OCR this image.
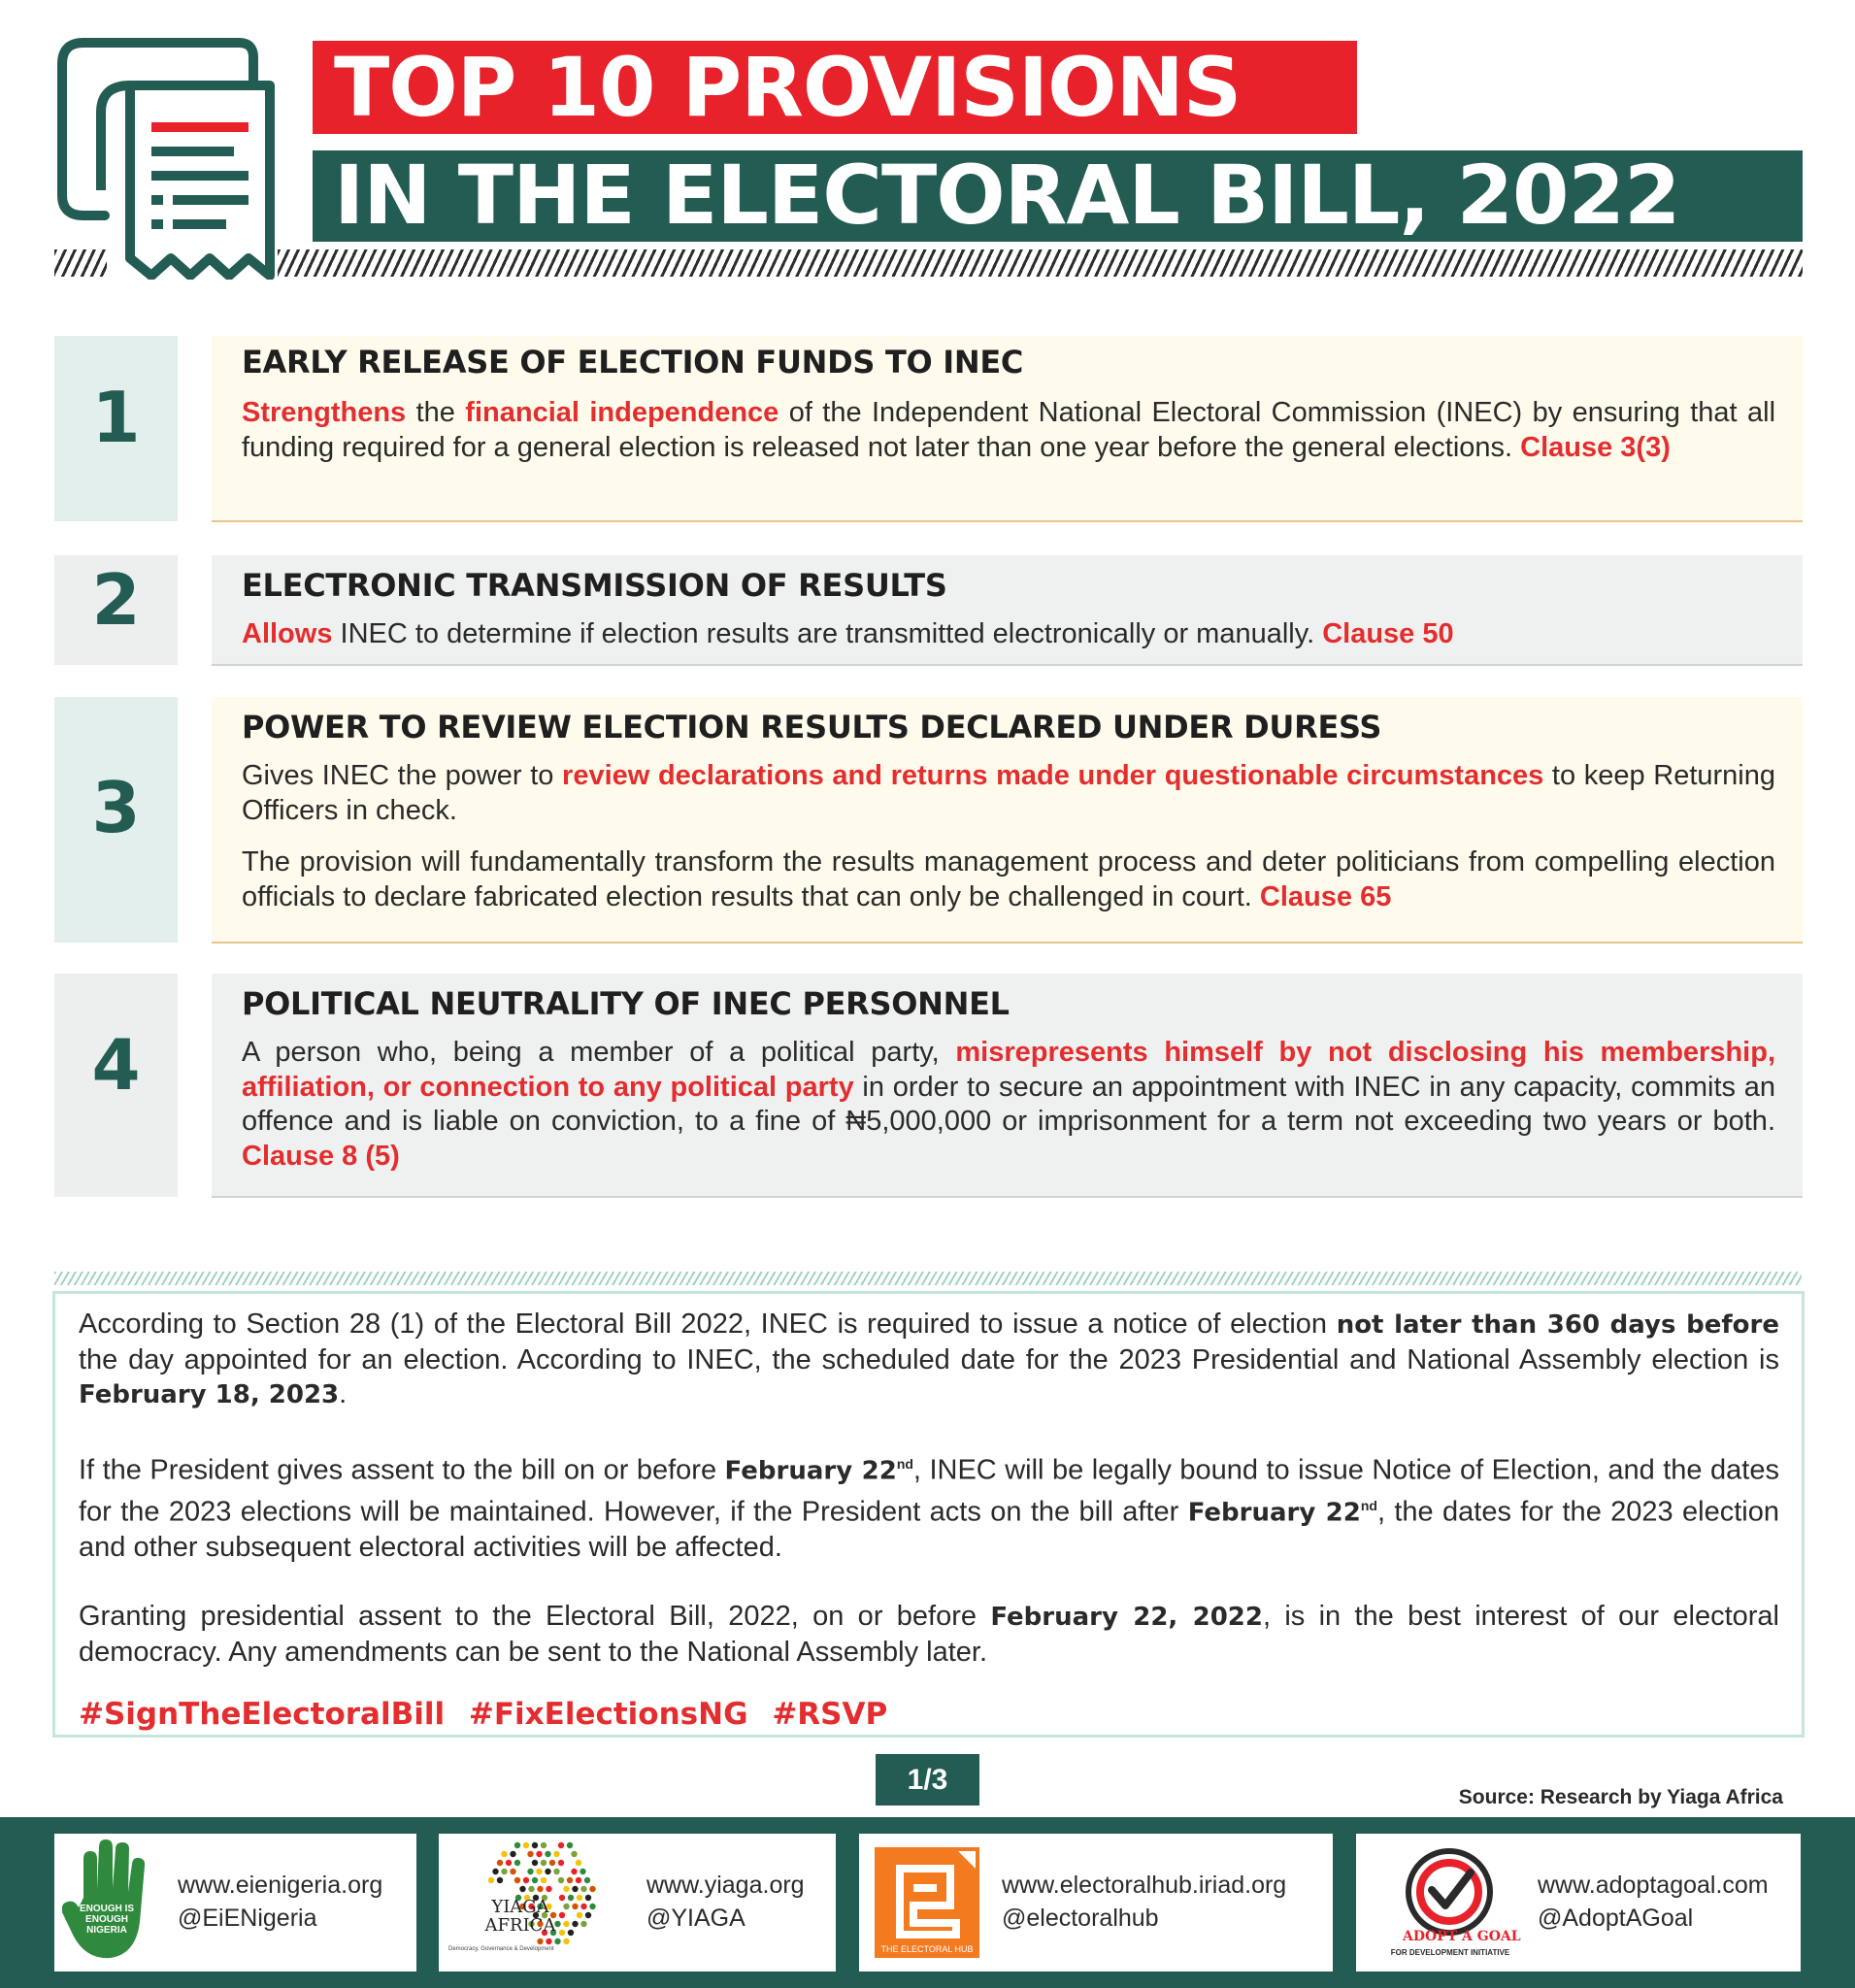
TOP 10 PROVISIONS
IN THE ELECTORAL BILL, 2022
1
EARLY RELEASE OF ELECTION FUNDS TO INEC

Strengthens the financial independence of the Independent National Electoral Commission (INEC) by ensuring that all funding required for a general election is released not later than one year before the general elections. Clause 3(3)

2	ELECTRONIC TRANSMISSION OF RESULTS

Allows INEC to determine if election results are transmitted electronically or manually. Clause 50

3
POWER TO REVIEW ELECTION RESULTS DECLARED UNDER DURESS

Gives INEC the power to review declarations and returns made under questionable circumstances to keep Returning Officers in check.

The provision will fundamentally transform the results management process and deter politicians from compelling election officials to declare fabricated election results that can only be challenged in court. Clause 65

4
POLITICAL NEUTRALITY OF INEC PERSONNEL

A person who, being a member of a political party, misrepresents himself by not disclosing his membership, affiliation, or connection to any political party in order to secure an appointment with INEC in any capacity, commits an offence and is liable on conviction, to a fine of ₦5,000,000 or imprisonment for a term not exceeding two years or both. Clause 8 (5)

According to Section 28 (1) of the Electoral Bill 2022, INEC is required to issue a notice of election not later than 360 days before the day appointed for an election. According to INEC, the scheduled date for the 2023 Presidential and National Assembly election is February 18, 2023.

If the President gives assent to the bill on or before February 22nd, INEC will be legally bound to issue Notice of Election, and the dates for the 2023 elections will be maintained. However, if the President acts on the bill after February 22nd, the dates for the 2023 election and other subsequent electoral activities will be affected.

Granting presidential assent to the Electoral Bill, 2022, on or before February 22, 2022, is in the best interest of our electoral democracy. Any amendments can be sent to the National Assembly later.

#SignTheElectoralBill #FixElectionsNG #RSVP
1/3
Source: Research by Yiaga Africa
ENOUGH IS ENOUGH NIGERIA
www.eienigeria.org
@EiENigeria	YIAGA AFRICA
Democracy, Governance & Development
www.yiaga.org
@YIAGA
THE ELECTORAL HUB
www.electoralhub.iriad.org
@electoralhub
ADOPT A GOAL
FOR DEVELOPMENT INITIATIVE
www.adoptagoal.com
@AdoptAGoal
